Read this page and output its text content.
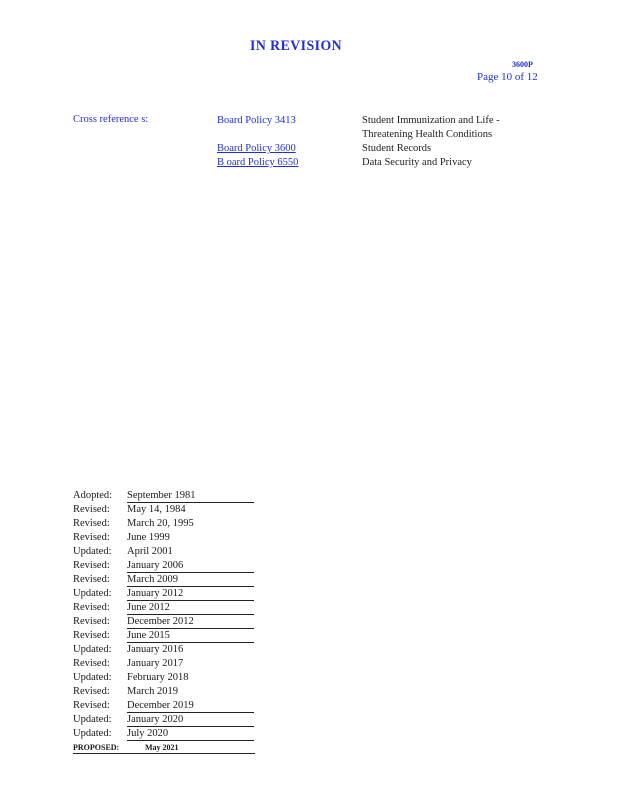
IN REVISION
3600P
Page 10 of 12
Cross reference s:	Board Policy 3413	Student Immunization and Life -
Threatening Health Conditions
Board Policy 3600	Student Records
B oard Policy 6550	Data Security and Privacy
Adopted: September 1981
Revised: May 14, 1984
Revised: March 20, 1995
Revised: June 1999
Updated: April 2001
Revised: January 2006
Revised: March 2009
Updated: January 2012
Revised: June 2012
Revised: December 2012
Revised: June 2015
Updated: January 2016
Revised: January 2017
Updated: February 2018
Revised: March 2019
Revised: December 2019
Updated: January 2020
Updated: July 2020
PROPOSED:	May 2021
